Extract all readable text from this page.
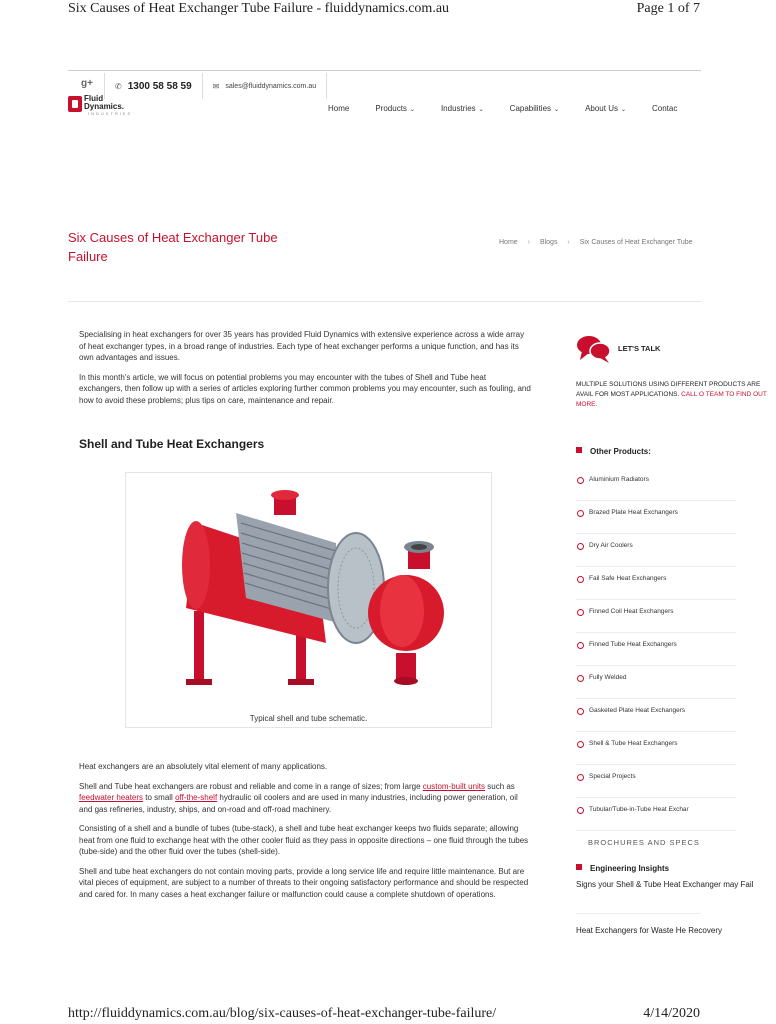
Six Causes of Heat Exchanger Tube Failure - fluiddynamics.com.au	Page 1 of 7
g+
Fluid
Dynamics.
INDUSTRIES
✆ 1300 58 58 59	✉ sales@fluiddynamics.com.au
Home	Products ⌄	Industries ⌄	Capabilities ⌄	About Us ⌄	Contac
Six Causes of Heat Exchanger Tube Failure
Home › Blogs › Six Causes of Heat Exchanger Tube

Specialising in heat exchangers for over 35 years has provided Fluid Dynamics with extensive experience across a wide array of heat exchanger types, in a broad range of industries. Each type of heat exchanger performs a unique function, and has its own advantages and issues.

In this month's article, we will focus on potential problems you may encounter with the tubes of Shell and Tube heat exchangers, then follow up with a series of articles exploring further common problems you may encounter, such as fouling, and how to avoid these problems; plus tips on care, maintenance and repair.

Shell and Tube Heat Exchangers
Typical shell and tube schematic.

Heat exchangers are an absolutely vital element of many applications.

Shell and Tube heat exchangers are robust and reliable and come in a range of sizes; from large custom-built units such as feedwater heaters to small off-the-shelf hydraulic oil coolers and are used in many industries, including power generation, oil and gas refineries, industry, ships, and on-road and off-road machinery.

Consisting of a shell and a bundle of tubes (tube-stack), a shell and tube heat exchanger keeps two fluids separate; allowing heat from one fluid to exchange heat with the other cooler fluid as they pass in opposite directions – one fluid through the tubes (tube-side) and the other fluid over the tubes (shell-side).

Shell and tube heat exchangers do not contain moving parts, provide a long service life and require little maintenance. But are vital pieces of equipment, are subject to a number of threats to their ongoing satisfactory performance and should be respected and cared for. In many cases a heat exchanger failure or malfunction could cause a complete shutdown of operations.

LET'S TALK
MULTIPLE SOLUTIONS USING DIFFERENT PRODUCTS ARE AVAIL FOR MOST APPLICATIONS. CALL O TEAM TO FIND OUT MORE.
Other Products:
Aluminium Radiators
Brazed Plate Heat Exchangers
Dry Air Coolers
Fail Safe Heat Exchangers
Finned Coil Heat Exchangers
Finned Tube Heat Exchangers
Fully Welded
Gasketed Plate Heat Exchangers
Shell & Tube Heat Exchangers
Special Projects
Tubular/Tube-in-Tube Heat Exchar
BROCHURES AND SPECS
Engineering Insights
Signs your Shell & Tube Heat Exchanger may Fail
Heat Exchangers for Waste He Recovery
http://fluiddynamics.com.au/blog/six-causes-of-heat-exchanger-tube-failure/	4/14/2020
